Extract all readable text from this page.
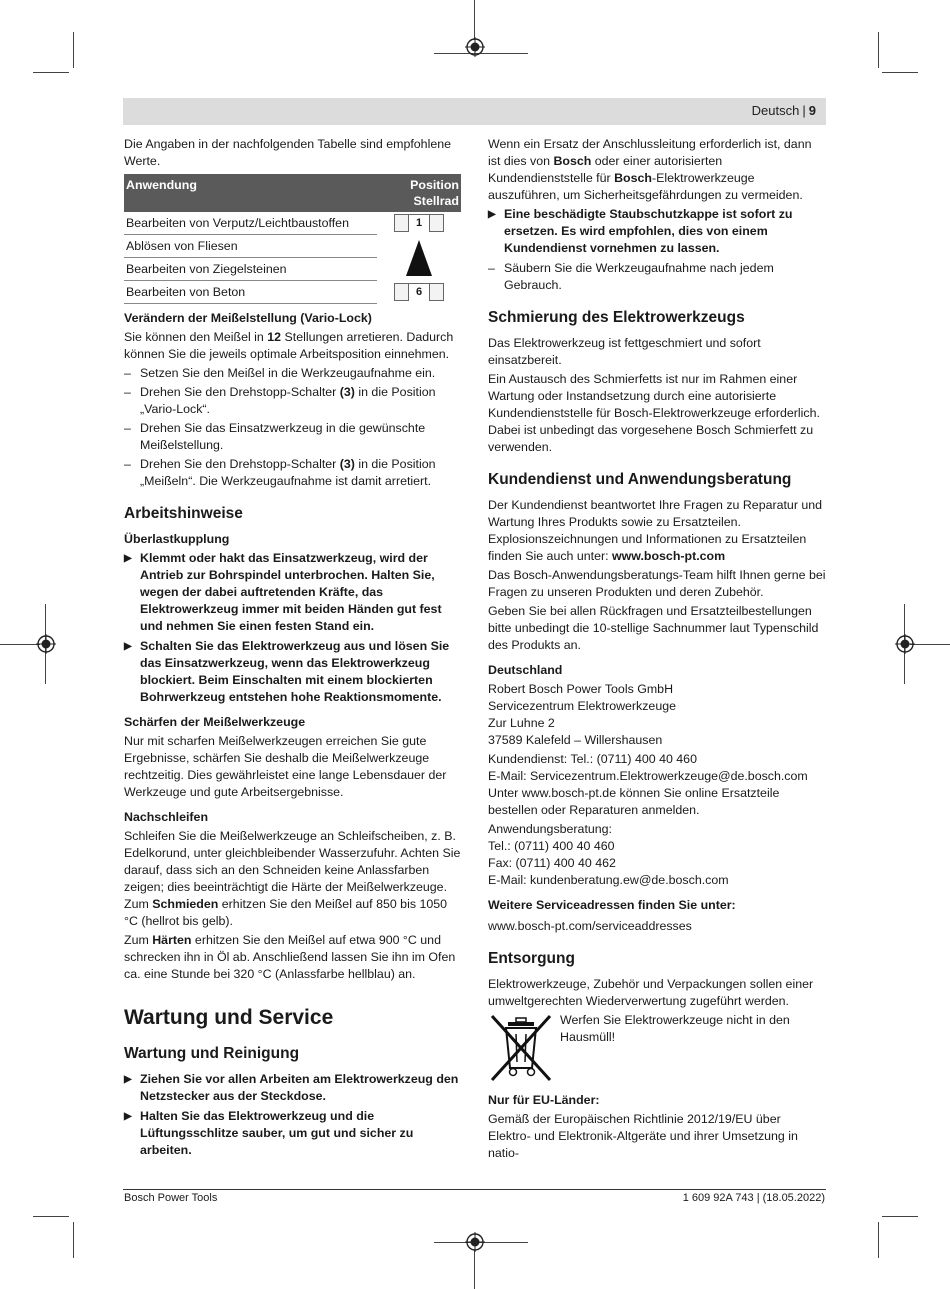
Deutsch | 9

Die Angaben in der nachfolgenden Tabelle sind empfohlene Werte.

Anwendung	Position Stellrad
Bearbeiten von Verputz/Leichtbaustoffen	1

Ablösen von Fliesen	

Bearbeiten von Ziegelsteinen	
Bearbeiten von Beton	6
Verändern der Meißelstellung (Vario-Lock)

Sie können den Meißel in 12 Stellungen arretieren. Dadurch können Sie die jeweils optimale Arbeitsposition einnehmen.

– Setzen Sie den Meißel in die Werkzeugaufnahme ein.
– Drehen Sie den Drehstopp-Schalter (3) in die Position „Vario-Lock“.
– Drehen Sie das Einsatzwerkzeug in die gewünschte Meißelstellung.
– Drehen Sie den Drehstopp-Schalter (3) in die Position „Meißeln“. Die Werkzeugaufnahme ist damit arretiert.
Arbeitshinweise
Überlastkupplung
▶ Klemmt oder hakt das Einsatzwerkzeug, wird der Antrieb zur Bohrspindel unterbrochen. Halten Sie, wegen der dabei auftretenden Kräfte, das Elektrowerkzeug immer mit beiden Händen gut fest und nehmen Sie einen festen Stand ein.
▶ Schalten Sie das Elektrowerkzeug aus und lösen Sie das Einsatzwerkzeug, wenn das Elektrowerkzeug blockiert. Beim Einschalten mit einem blockierten Bohrwerkzeug entstehen hohe Reaktionsmomente.
Schärfen der Meißelwerkzeuge

Nur mit scharfen Meißelwerkzeugen erreichen Sie gute Ergebnisse, schärfen Sie deshalb die Meißelwerkzeuge rechtzeitig. Dies gewährleistet eine lange Lebensdauer der Werkzeuge und gute Arbeitsergebnisse.

Nachschleifen

Schleifen Sie die Meißelwerkzeuge an Schleifscheiben, z. B. Edelkorund, unter gleichbleibender Wasserzufuhr. Achten Sie darauf, dass sich an den Schneiden keine Anlassfarben zeigen; dies beeinträchtigt die Härte der Meißelwerkzeuge. Zum Schmieden erhitzen Sie den Meißel auf 850 bis 1050 °C (hellrot bis gelb).

Zum Härten erhitzen Sie den Meißel auf etwa 900 °C und schrecken ihn in Öl ab. Anschließend lassen Sie ihn im Ofen ca. eine Stunde bei 320 °C (Anlassfarbe hellblau) an.

Wartung und Service
Wartung und Reinigung
▶ Ziehen Sie vor allen Arbeiten am Elektrowerkzeug den Netzstecker aus der Steckdose.
▶ Halten Sie das Elektrowerkzeug und die Lüftungsschlitze sauber, um gut und sicher zu arbeiten.

Wenn ein Ersatz der Anschlussleitung erforderlich ist, dann ist dies von Bosch oder einer autorisierten Kundendienststelle für Bosch-Elektrowerkzeuge auszuführen, um Sicherheitsgefährdungen zu vermeiden.

▶ Eine beschädigte Staubschutzkappe ist sofort zu ersetzen. Es wird empfohlen, dies von einem Kundendienst vornehmen zu lassen.
– Säubern Sie die Werkzeugaufnahme nach jedem Gebrauch.
Schmierung des Elektrowerkzeugs

Das Elektrowerkzeug ist fettgeschmiert und sofort einsatzbereit.

Ein Austausch des Schmierfetts ist nur im Rahmen einer Wartung oder Instandsetzung durch eine autorisierte Kundendienststelle für Bosch-Elektrowerkzeuge erforderlich. Dabei ist unbedingt das vorgesehene Bosch Schmierfett zu verwenden.

Kundendienst und Anwendungsberatung

Der Kundendienst beantwortet Ihre Fragen zu Reparatur und Wartung Ihres Produkts sowie zu Ersatzteilen. Explosionszeichnungen und Informationen zu Ersatzteilen finden Sie auch unter: www.bosch-pt.com

Das Bosch-Anwendungsberatungs-Team hilft Ihnen gerne bei Fragen zu unseren Produkten und deren Zubehör.

Geben Sie bei allen Rückfragen und Ersatzteilbestellungen bitte unbedingt die 10-stellige Sachnummer laut Typenschild des Produkts an.

Deutschland
Robert Bosch Power Tools GmbH
Servicezentrum Elektrowerkzeuge
Zur Luhne 2
37589 Kalefeld – Willershausen
Kundendienst: Tel.: (0711) 400 40 460
E-Mail: Servicezentrum.Elektrowerkzeuge@de.bosch.com
Unter www.bosch-pt.de können Sie online Ersatzteile bestellen oder Reparaturen anmelden.
Anwendungsberatung:
Tel.: (0711) 400 40 460
Fax: (0711) 400 40 462
E-Mail: kundenberatung.ew@de.bosch.com
Weitere Serviceadressen finden Sie unter:

www.bosch-pt.com/serviceaddresses

Entsorgung

Elektrowerkzeuge, Zubehör und Verpackungen sollen einer umweltgerechten Wiederverwertung zugeführt werden.

Werfen Sie Elektrowerkzeuge nicht in den Hausmüll!
Nur für EU-Länder:

Gemäß der Europäischen Richtlinie 2012/19/EU über Elektro- und Elektronik-Altgeräte und ihrer Umsetzung in natio-

Bosch Power Tools	1 609 92A 743 | (18.05.2022)
